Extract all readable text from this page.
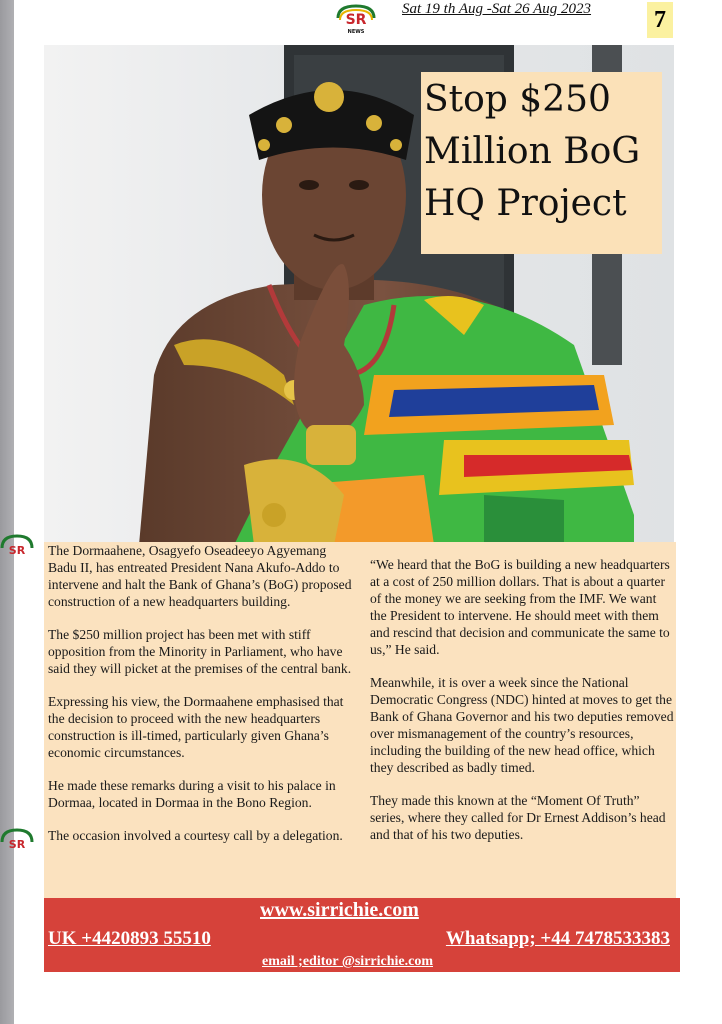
SR
NEWS
SR
SR
Sat 19 th Aug -Sat 26 Aug 2023	7
Stop $250 Million BoG HQ Project

The Dormaahene, Osagyefo Oseadeeyo Agyemang Badu II, has entreated President Nana Akufo-Addo to intervene and halt the Bank of Ghana’s (BoG) proposed construction of a new headquarters building.

The $250 million project has been met with stiff opposition from the Minority in Parliament, who have said they will picket at the premises of the central bank.

Expressing his view, the Dormaahene emphasised that the decision to proceed with the new headquarters construction is ill-timed, particularly given Ghana’s economic circumstances.

He made these remarks during a visit to his palace in Dormaa, located in Dormaa in the Bono Region.

The occasion involved a courtesy call by a delegation.

“We heard that the BoG is building a new headquarters at a cost of 250 million dollars. That is about a quarter of the money we are seeking from the IMF. We want the President to intervene. He should meet with them and rescind that decision and communicate the same to us,” He said.

Meanwhile, it is over a week since the National Democratic Congress (NDC) hinted at moves to get the Bank of Ghana Governor and his two deputies removed over mismanagement of the country’s resources, including the building of the new head office, which they described as badly timed.

They made this known at the “Moment Of Truth” series, where they called for Dr Ernest Addison’s head and that of his two deputies.

www.sirrichie.com
UK +4420893 55510	Whatsapp; +44 7478533383
email ;editor @sirrichie.com
